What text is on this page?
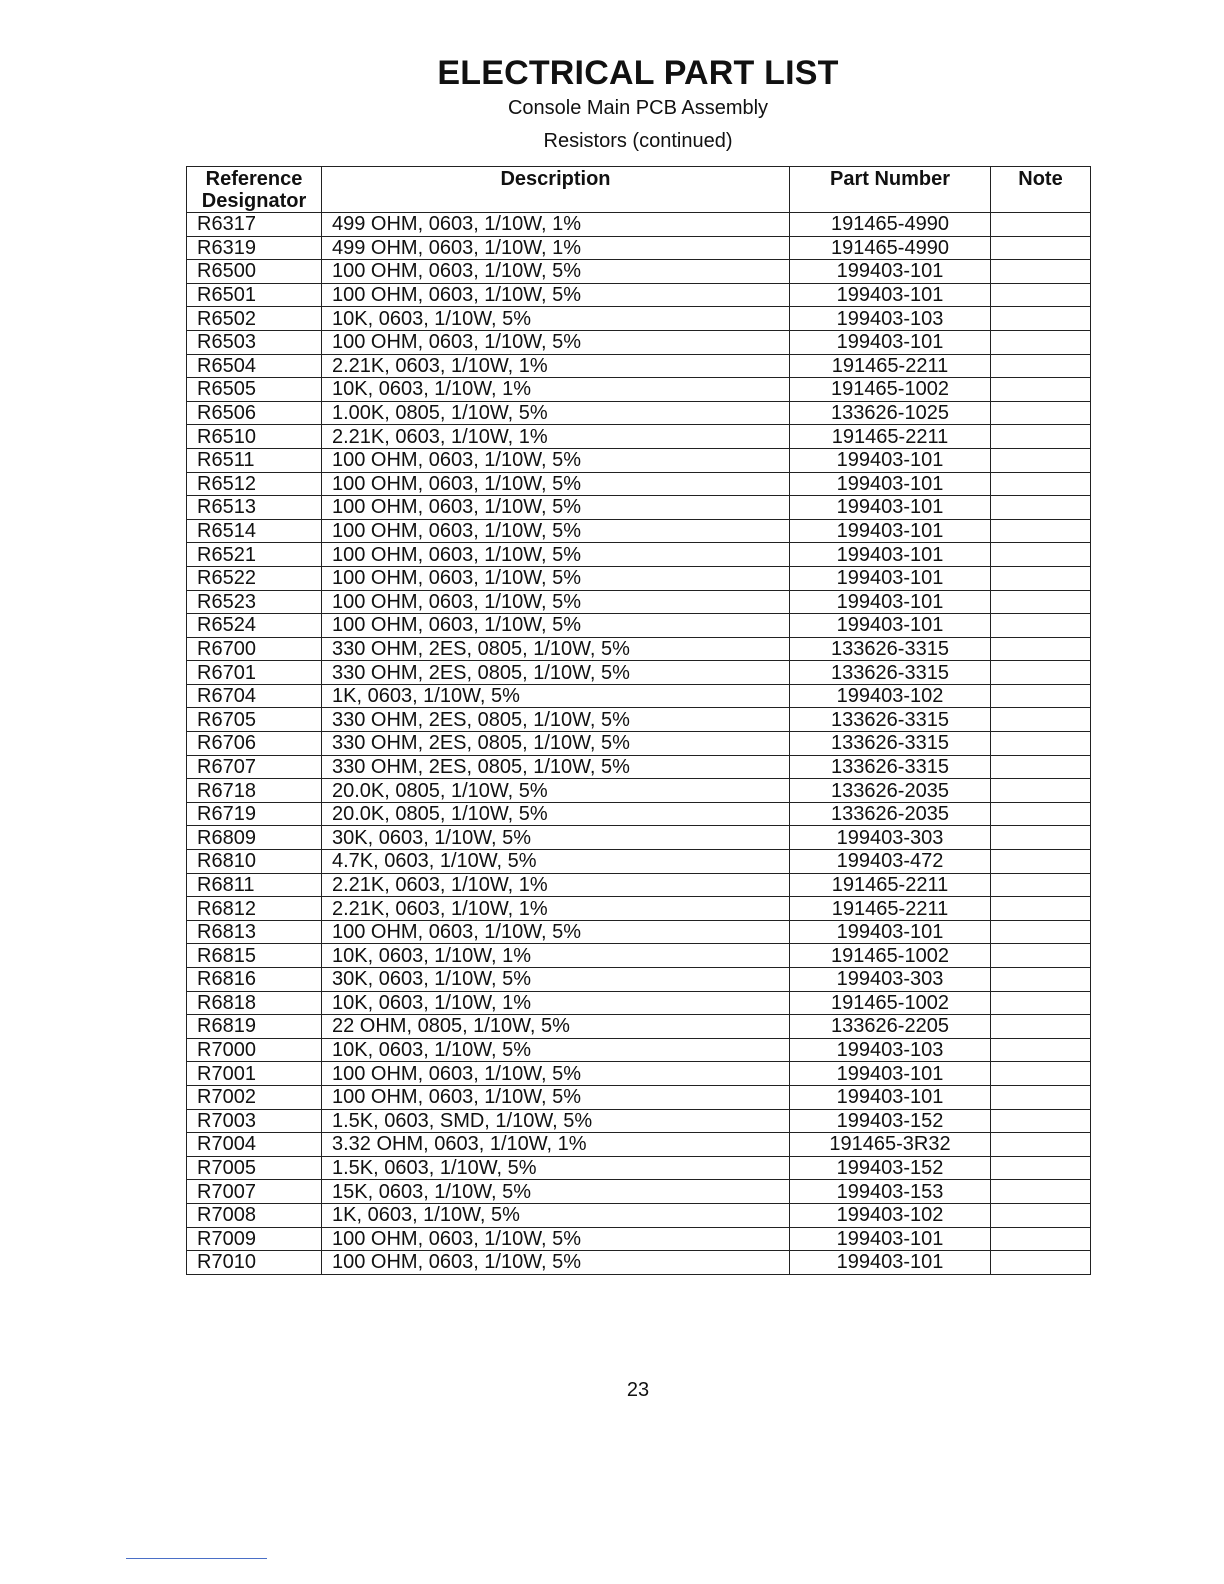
ELECTRICAL PART LIST
Console Main PCB Assembly
Resistors (continued)
Reference
Designator	Description	Part Number	Note
R6317	499 OHM, 0603, 1/10W, 1%	191465-4990	
R6319	499 OHM, 0603, 1/10W, 1%	191465-4990	
R6500	100 OHM, 0603, 1/10W, 5%	199403-101	
R6501	100 OHM, 0603, 1/10W, 5%	199403-101	
R6502	10K, 0603, 1/10W, 5%	199403-103	
R6503	100 OHM, 0603, 1/10W, 5%	199403-101	
R6504	2.21K, 0603, 1/10W, 1%	191465-2211	
R6505	10K, 0603, 1/10W, 1%	191465-1002	
R6506	1.00K, 0805, 1/10W, 5%	133626-1025	
R6510	2.21K, 0603, 1/10W, 1%	191465-2211	
R6511	100 OHM, 0603, 1/10W, 5%	199403-101	
R6512	100 OHM, 0603, 1/10W, 5%	199403-101	
R6513	100 OHM, 0603, 1/10W, 5%	199403-101	
R6514	100 OHM, 0603, 1/10W, 5%	199403-101	
R6521	100 OHM, 0603, 1/10W, 5%	199403-101	
R6522	100 OHM, 0603, 1/10W, 5%	199403-101	
R6523	100 OHM, 0603, 1/10W, 5%	199403-101	
R6524	100 OHM, 0603, 1/10W, 5%	199403-101	
R6700	330 OHM, 2ES, 0805, 1/10W, 5%	133626-3315	
R6701	330 OHM, 2ES, 0805, 1/10W, 5%	133626-3315	
R6704	1K, 0603, 1/10W, 5%	199403-102	
R6705	330 OHM, 2ES, 0805, 1/10W, 5%	133626-3315	
R6706	330 OHM, 2ES, 0805, 1/10W, 5%	133626-3315	
R6707	330 OHM, 2ES, 0805, 1/10W, 5%	133626-3315	
R6718	20.0K, 0805, 1/10W, 5%	133626-2035	
R6719	20.0K, 0805, 1/10W, 5%	133626-2035	
R6809	30K, 0603, 1/10W, 5%	199403-303	
R6810	4.7K, 0603, 1/10W, 5%	199403-472	
R6811	2.21K, 0603, 1/10W, 1%	191465-2211	
R6812	2.21K, 0603, 1/10W, 1%	191465-2211	
R6813	100 OHM, 0603, 1/10W, 5%	199403-101	
R6815	10K, 0603, 1/10W, 1%	191465-1002	
R6816	30K, 0603, 1/10W, 5%	199403-303	
R6818	10K, 0603, 1/10W, 1%	191465-1002	
R6819	22 OHM, 0805, 1/10W, 5%	133626-2205	
R7000	10K, 0603, 1/10W, 5%	199403-103	
R7001	100 OHM, 0603, 1/10W, 5%	199403-101	
R7002	100 OHM, 0603, 1/10W, 5%	199403-101	
R7003	1.5K, 0603, SMD, 1/10W, 5%	199403-152	
R7004	3.32 OHM, 0603, 1/10W, 1%	191465-3R32	
R7005	1.5K, 0603, 1/10W, 5%	199403-152	
R7007	15K, 0603, 1/10W, 5%	199403-153	
R7008	1K, 0603, 1/10W, 5%	199403-102	
R7009	100 OHM, 0603, 1/10W, 5%	199403-101	
R7010	100 OHM, 0603, 1/10W, 5%	199403-101	
23
